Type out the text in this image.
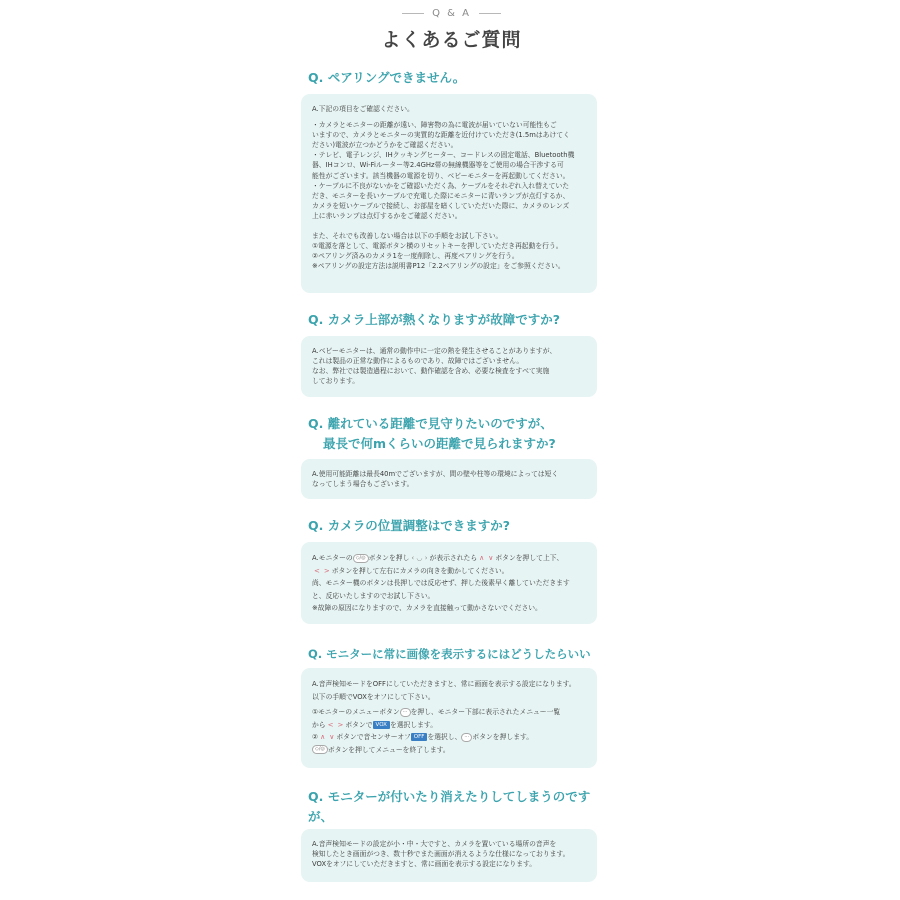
Q & A
よくあるご質問
Q. ペアリングできません。

A.下記の項目をご確認ください。

・カメラとモニターの距離が遠い、障害物の為に電波が届いていない可能性もご

いますので、カメラとモニターの実質的な距離を近付けていただき(1.5mはあけてく

ださい)電波が立つかどうかをご確認ください。

・テレビ、電子レンジ、IHクッキングヒーター、コードレスの固定電話、Bluetooth機

器、IHコンロ、Wi-Fiルーター等2.4GHz帯の無線機器等をご使用の場合干渉する可

能性がございます。該当機器の電源を切り、ベビーモニターを再起動してください。

・ケーブルに不良がないかをご確認いただく為、ケーブルをそれぞれ入れ替えていた

だき、モニターを長いケーブルで充電した際にモニターに青いランプが点灯するか、

カメラを短いケーブルで接続し、お部屋を暗くしていただいた際に、カメラのレンズ

上に赤いランプは点灯するかをご確認ください。

また、それでも改善しない場合は以下の手順をお試し下さい。

①電源を落として、電源ボタン横のリセットキーを押していただき再起動を行う。

②ペアリング済みのカメラ1を一度削除し、再度ペアリングを行う。

※ペアリングの設定方法は説明書P12「2.2ペアリングの設定」をご参照ください。

Q. カメラ上部が熱くなりますが故障ですか?

A.ベビーモニターは、通常の動作中に一定の熱を発生させることがありますが、

これは製品の正常な動作によるものであり、故障ではございません。

なお、弊社では製造過程において、動作確認を含め、必要な検査をすべて実施

しております。

Q. 離れている距離で見守りたいのですが、
最長で何mくらいの距離で見られますか?

A.使用可能距離は最長40mでございますが、間の壁や柱等の環境によっては短く

なってしまう場合もございます。

Q. カメラの位置調整はできますか?

A.モニターの ◇/◎ ボタンを押し ‹ ◡ › が表示されたら ∧ ∨ ボタンを押して上下、

< > ボタンを押して左右にカメラの向きを動かしてください。

尚、モニター機のボタンは長押しでは反応せず、押した後素早く離していただきます

と、反応いたしますのでお試し下さい。

※故障の原因になりますので、カメラを直接触って動かさないでください。

Q. モニターに常に画像を表示するにはどうしたらいい

A.音声検知モードをOFFにしていただきますと、常に画面を表示する設定になります。

以下の手順でVOXをオフにして下さい。

①モニターのメニューボタン ⋯ を押し、モニター下部に表示されたメニュー一覧

から < > ボタンで VOX を選択します。

② ∧ ∨ ボタンで音センサーオフ OFF を選択し、 ⋯ ボタンを押します。

◇/◎ ボタンを押してメニューを終了します。

Q. モニターが付いたり消えたりしてしまうのですが、

A.音声検知モードの設定が小・中・大ですと、カメラを置いている場所の音声を

検知したとき画面がつき、数十秒でまた画面が消えるような仕様になっております。

VOXをオフにしていただきますと、常に画面を表示する設定になります。
